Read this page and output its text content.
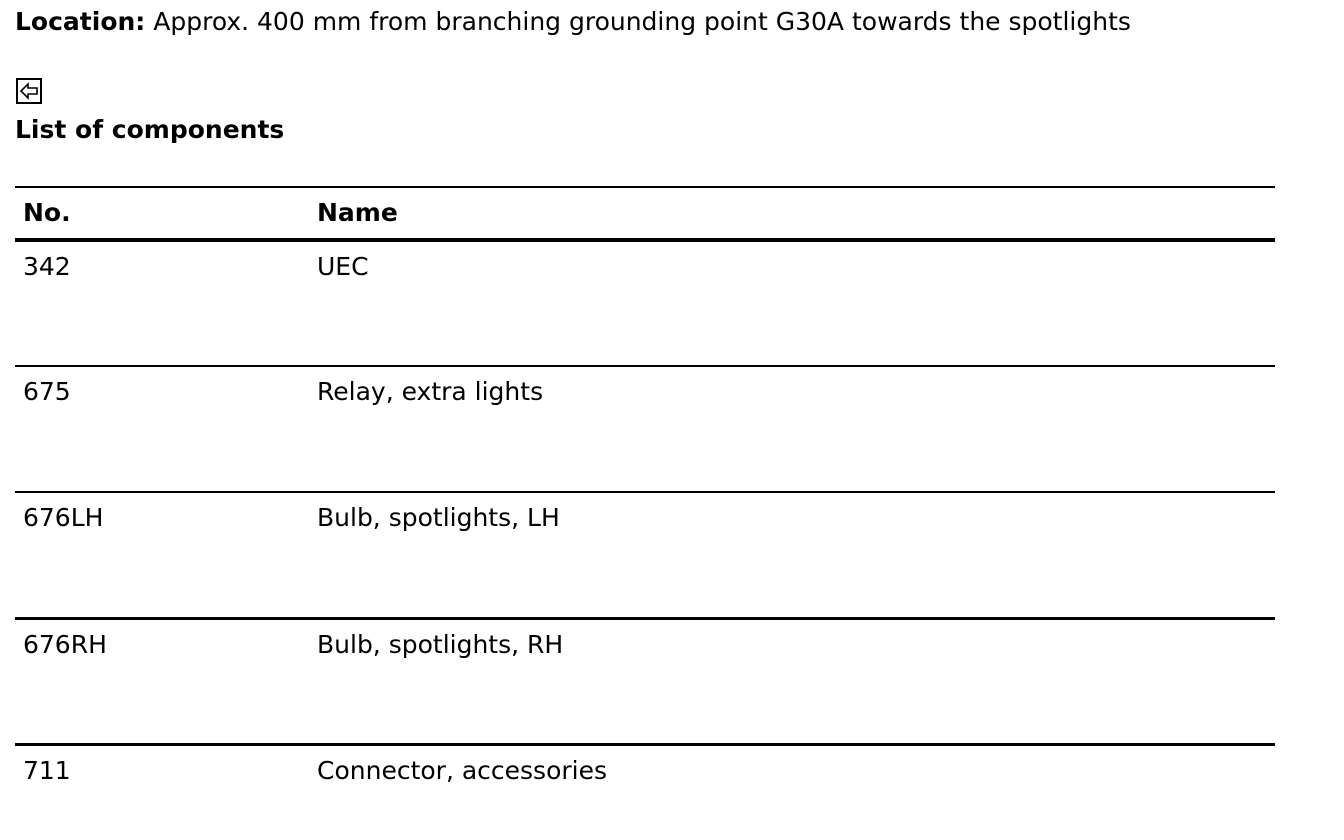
Location: Approx. 400 mm from branching grounding point G30A towards the spotlights
List of components
No.	Name
342	UEC
675	Relay, extra lights
676LH	Bulb, spotlights, LH
676RH	Bulb, spotlights, RH
711	Connector, accessories
